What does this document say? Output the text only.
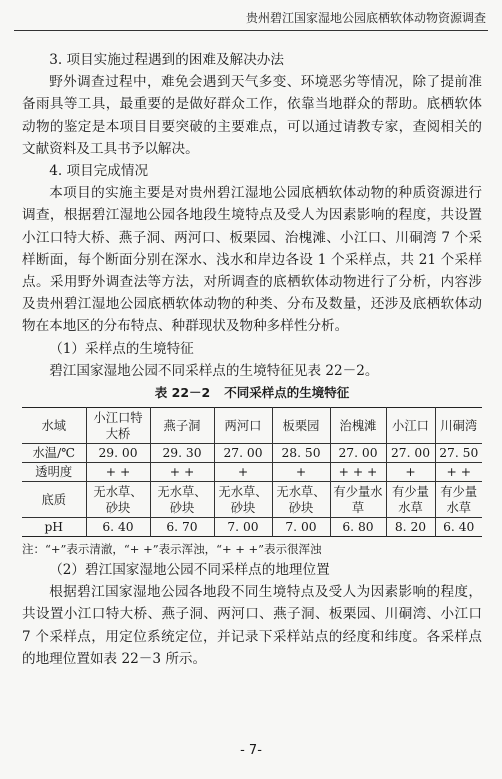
贵州碧江国家湿地公园底栖软体动物资源调查

3. 项目实施过程遇到的困难及解决办法

野外调查过程中，难免会遇到天气多变、环境恶劣等情况，除了提前准备雨具等工具，最重要的是做好群众工作，依靠当地群众的帮助。底栖软体动物的鉴定是本项目目要突破的主要难点，可以通过请教专家，查阅相关的文献资料及工具书予以解决。

4. 项目完成情况

本项目的实施主要是对贵州碧江湿地公园底栖软体动物的种质资源进行调查，根据碧江湿地公园各地段生境特点及受人为因素影响的程度，共设置小江口特大桥、燕子洞、两河口、板栗园、治槐滩、小江口、川硐湾 7 个采样断面，每个断面分别在深水、浅水和岸边各设 1 个采样点，共 21 个采样点。采用野外调查法等方法，对所调查的底栖软体动物进行了分析，内容涉及贵州碧江湿地公园底栖软体动物的种类、分布及数量，还涉及底栖软体动物在本地区的分布特点、种群现状及物种多样性分析。

（1）采样点的生境特征

碧江国家湿地公园不同采样点的生境特征见表 22－2。

表 22－2 不同采样点的生境特征
水域	小江口特大桥	燕子洞	两河口	板栗园	治槐滩	小江口	川硐湾
水温/℃	29. 00	29. 30	27. 00	28. 50	27. 00	27. 00	27. 50
透明度	+ +	+ +	+	+	+ + +	+	+ +
底质	无水草、砂块	无水草、砂块	无水草、砂块	无水草、砂块	有少量水草	有少量水草	有少量水草
pH	6. 40	6. 70	7. 00	7. 00	6. 80	8. 20	6. 40

注：“+”表示清澈，“+ +”表示浑浊，“+ + +”表示很浑浊

（2）碧江国家湿地公园不同采样点的地理位置

根据碧江国家湿地公园各地段不同生境特点及受人为因素影响的程度，共设置小江口特大桥、燕子洞、两河口、燕子洞、板栗园、川硐湾、小江口 7 个采样点，用定位系统定位，并记录下采样站点的经度和纬度。各采样点的地理位置如表 22－3 所示。

- 7-
